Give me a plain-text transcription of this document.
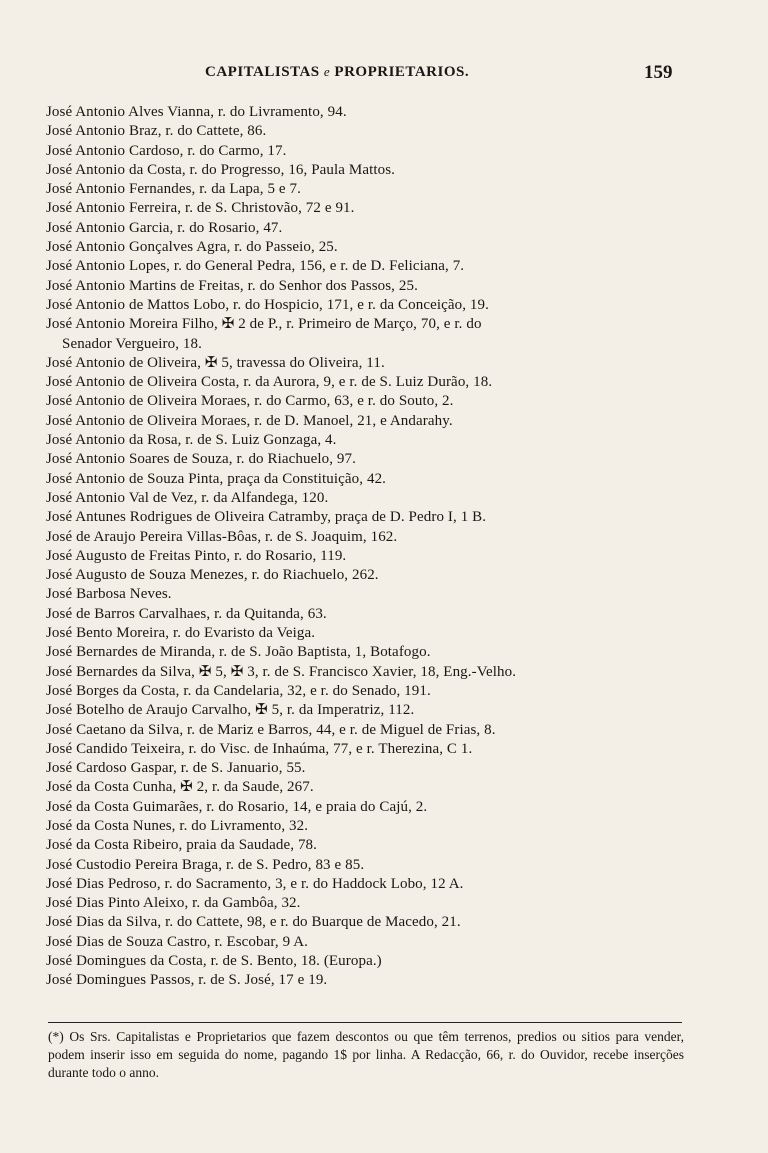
CAPITALISTAS e PROPRIETARIOS.	159
José Antonio Alves Vianna, r. do Livramento, 94.
José Antonio Braz, r. do Cattete, 86.
José Antonio Cardoso, r. do Carmo, 17.
José Antonio da Costa, r. do Progresso, 16, Paula Mattos.
José Antonio Fernandes, r. da Lapa, 5 e 7.
José Antonio Ferreira, r. de S. Christovão, 72 e 91.
José Antonio Garcia, r. do Rosario, 47.
José Antonio Gonçalves Agra, r. do Passeio, 25.
José Antonio Lopes, r. do General Pedra, 156, e r. de D. Feliciana, 7.
José Antonio Martins de Freitas, r. do Senhor dos Passos, 25.
José Antonio de Mattos Lobo, r. do Hospicio, 171, e r. da Conceição, 19.
José Antonio Moreira Filho, ✠ 2 de P., r. Primeiro de Março, 70, e r. do
Senador Vergueiro, 18.
José Antonio de Oliveira, ✠ 5, travessa do Oliveira, 11.
José Antonio de Oliveira Costa, r. da Aurora, 9, e r. de S. Luiz Durão, 18.
José Antonio de Oliveira Moraes, r. do Carmo, 63, e r. do Souto, 2.
José Antonio de Oliveira Moraes, r. de D. Manoel, 21, e Andarahy.
José Antonio da Rosa, r. de S. Luiz Gonzaga, 4.
José Antonio Soares de Souza, r. do Riachuelo, 97.
José Antonio de Souza Pinta, praça da Constituição, 42.
José Antonio Val de Vez, r. da Alfandega, 120.
José Antunes Rodrigues de Oliveira Catramby, praça de D. Pedro I, 1 B.
José de Araujo Pereira Villas-Bôas, r. de S. Joaquim, 162.
José Augusto de Freitas Pinto, r. do Rosario, 119.
José Augusto de Souza Menezes, r. do Riachuelo, 262.
José Barbosa Neves.
José de Barros Carvalhaes, r. da Quitanda, 63.
José Bento Moreira, r. do Evaristo da Veiga.
José Bernardes de Miranda, r. de S. João Baptista, 1, Botafogo.
José Bernardes da Silva, ✠ 5, ✠ 3, r. de S. Francisco Xavier, 18, Eng.-Velho.
José Borges da Costa, r. da Candelaria, 32, e r. do Senado, 191.
José Botelho de Araujo Carvalho, ✠ 5, r. da Imperatriz, 112.
José Caetano da Silva, r. de Mariz e Barros, 44, e r. de Miguel de Frias, 8.
José Candido Teixeira, r. do Visc. de Inhaúma, 77, e r. Therezina, C 1.
José Cardoso Gaspar, r. de S. Januario, 55.
José da Costa Cunha, ✠ 2, r. da Saude, 267.
José da Costa Guimarães, r. do Rosario, 14, e praia do Cajú, 2.
José da Costa Nunes, r. do Livramento, 32.
José da Costa Ribeiro, praia da Saudade, 78.
José Custodio Pereira Braga, r. de S. Pedro, 83 e 85.
José Dias Pedroso, r. do Sacramento, 3, e r. do Haddock Lobo, 12 A.
José Dias Pinto Aleixo, r. da Gambôa, 32.
José Dias da Silva, r. do Cattete, 98, e r. do Buarque de Macedo, 21.
José Dias de Souza Castro, r. Escobar, 9 A.
José Domingues da Costa, r. de S. Bento, 18. (Europa.)
José Domingues Passos, r. de S. José, 17 e 19.
(*) Os Srs. Capitalistas e Proprietarios que fazem descontos ou que têm terrenos, predios ou sitios para vender, podem inserir isso em seguida do nome, pagando 1$ por linha. A Redacção, 66, r. do Ouvidor, recebe inserções durante todo o anno.
